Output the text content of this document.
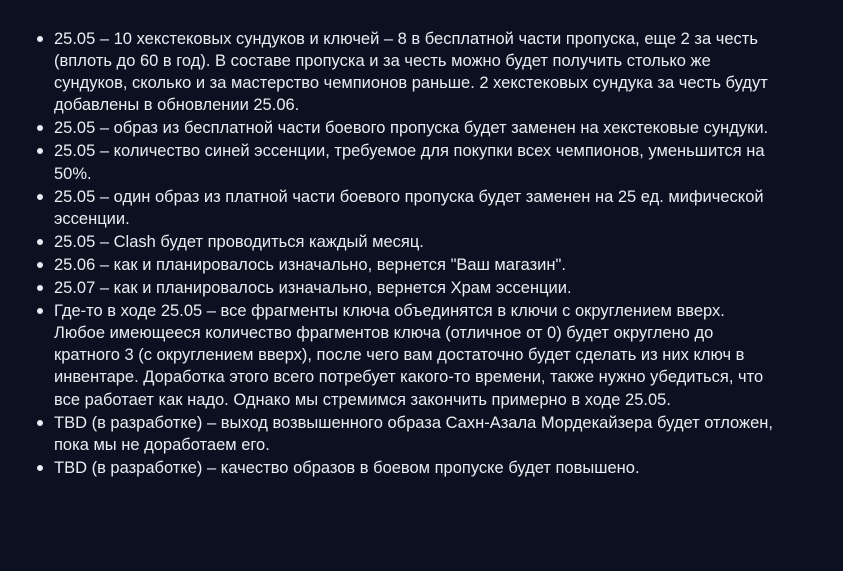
25.05 – 10 хекстековых сундуков и ключей – 8 в бесплатной части пропуска, еще 2 за честь
(вплоть до 60 в год). В составе пропуска и за честь можно будет получить столько же
сундуков, сколько и за мастерство чемпионов раньше. 2 хекстековых сундука за честь будут
добавлены в обновлении 25.06.
25.05 – образ из бесплатной части боевого пропуска будет заменен на хекстековые сундуки.
25.05 – количество синей эссенции, требуемое для покупки всех чемпионов, уменьшится на
50%.
25.05 – один образ из платной части боевого пропуска будет заменен на 25 ед. мифической
эссенции.
25.05 – Clash будет проводиться каждый месяц.
25.06 – как и планировалось изначально, вернется "Ваш магазин".
25.07 – как и планировалось изначально, вернется Храм эссенции.
Где-то в ходе 25.05 – все фрагменты ключа объединятся в ключи с округлением вверх.
Любое имеющееся количество фрагментов ключа (отличное от 0) будет округлено до
кратного 3 (с округлением вверх), после чего вам достаточно будет сделать из них ключ в
инвентаре. Доработка этого всего потребует какого-то времени, также нужно убедиться, что
все работает как надо. Однако мы стремимся закончить примерно в ходе 25.05.
TBD (в разработке) – выход возвышенного образа Сахн-Азала Мордекайзера будет отложен,
пока мы не доработаем его.
TBD (в разработке) – качество образов в боевом пропуске будет повышено.
